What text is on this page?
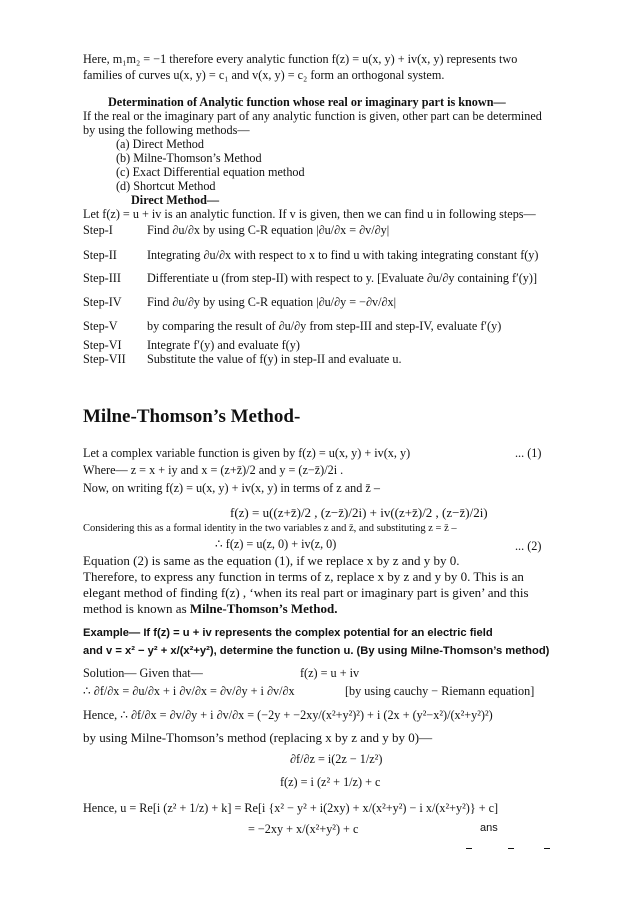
Here, m₁m₂ = −1 therefore every analytic function f(z) = u(x, y) + iv(x, y) represents two
families of curves u(x, y) = c₁ and v(x, y) = c₂ form an orthogonal system.
Determination of Analytic function whose real or imaginary part is known—
If the real or the imaginary part of any analytic function is given, other part can be determined
by using the following methods—
(a) Direct Method
(b) Milne-Thomson’s Method
(c) Exact Differential equation method
(d) Shortcut Method
Direct Method—
Let f(z) = u + iv is an analytic function. If v is given, then we can find u in following steps—
Step-I	Find ∂u/∂x by using C-R equation |∂u/∂x = ∂v/∂y|
Step-II Integrating ∂u/∂x with respect to x to find u with taking integrating constant f(y)
Step-III Differentiate u (from step-II) with respect to y. [Evaluate ∂u/∂y containing f′(y)]
Step-IV Find ∂u/∂y by using C-R equation |∂u/∂y = −∂v/∂x|
Step-V by comparing the result of ∂u/∂y from step-III and step-IV, evaluate f′(y)
Step-VI Integrate f′(y) and evaluate f(y)
Step-VII Substitute the value of f(y) in step-II and evaluate u.
Milne-Thomson’s Method-
Let a complex variable function is given by f(z) = u(x, y) + iv(x, y)	... (1)
Where— z = x + iy and x = (z+z̄)/2 and y = (z−z̄)/2i .
Now, on writing f(z) = u(x, y) + iv(x, y) in terms of z and z̄ –
f(z) = u((z+z̄)/2 , (z−z̄)/2i) + iv((z+z̄)/2 , (z−z̄)/2i)
Considering this as a formal identity in the two variables z and z̄, and substituting z = z̄ –
∴ f(z) = u(z, 0) + iv(z, 0)	... (2)
Equation (2) is same as the equation (1), if we replace x by z and y by 0.
Therefore, to express any function in terms of z, replace x by z and y by 0. This is an
elegant method of finding f(z) , ‘when its real part or imaginary part is given’ and this
method is known as Milne-Thomson’s Method.
Example— If f(z) = u + iv represents the complex potential for an electric field
and v = x² − y² + x/(x²+y²), determine the function u. (By using Milne-Thomson’s method)
Solution— Given that—	f(z) = u + iv
∴ ∂f/∂x = ∂u/∂x + i ∂v/∂x = ∂v/∂y + i ∂v/∂x	[by using cauchy − Riemann equation]
Hence, ∴ ∂f/∂x = ∂v/∂y + i ∂v/∂x = (−2y + −2xy/(x²+y²)²) + i (2x + (y²−x²)/(x²+y²)²)
by using Milne-Thomson’s method (replacing x by z and y by 0)—
∂f/∂z = i(2z − 1/z²)
f(z) = i (z² + 1/z) + c
Hence, u = Re[i (z² + 1/z) + k] = Re[i {x² − y² + i(2xy) + x/(x²+y²) − i x/(x²+y²)} + c]
= −2xy + x/(x²+y²) + c	ans
